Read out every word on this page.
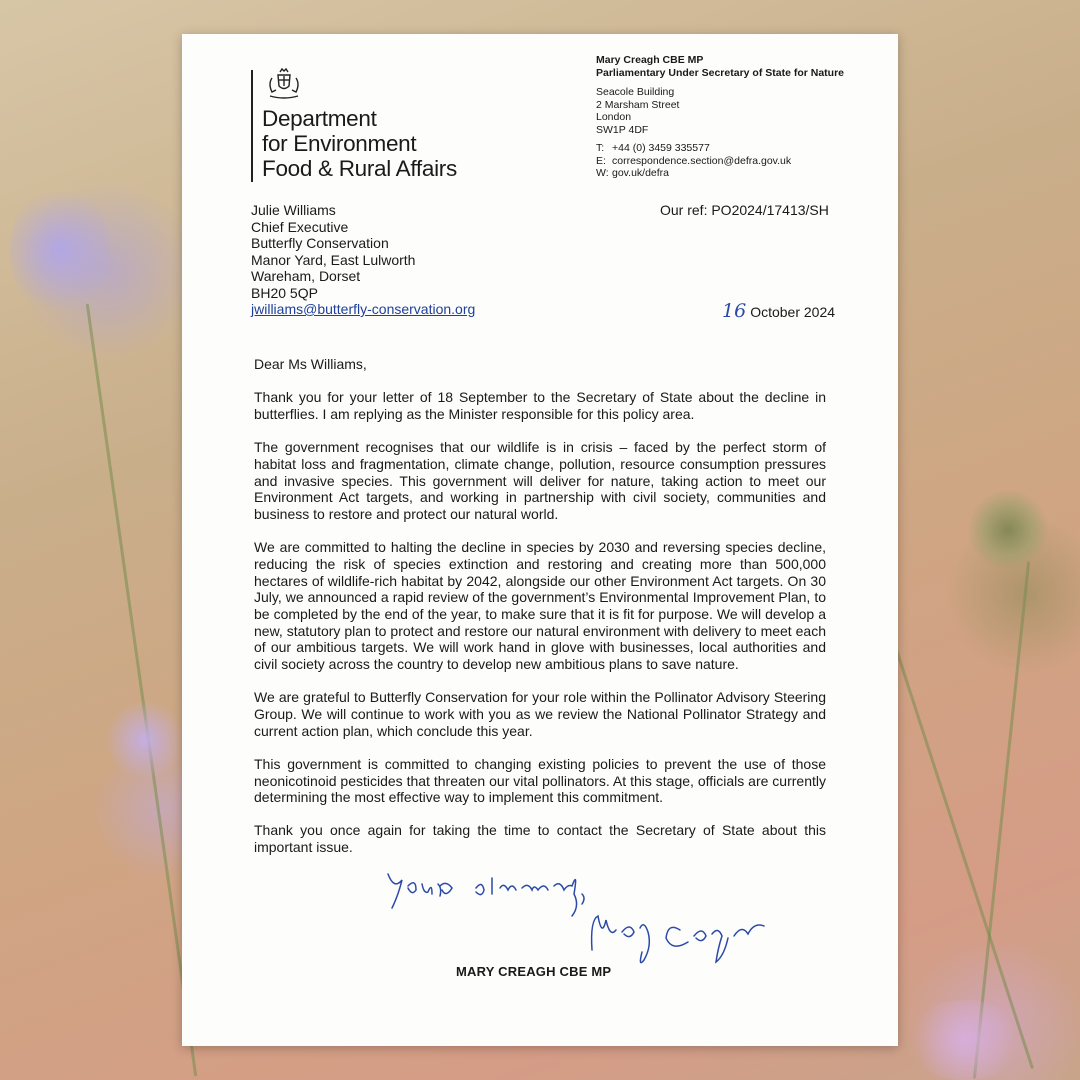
Department
for Environment
Food & Rural Affairs
Mary Creagh CBE MP
Parliamentary Under Secretary of State for Nature
Seacole Building
2 Marsham Street
London
SW1P 4DF
T: +44 (0) 3459 335577
E: correspondence.section@defra.gov.uk
W: gov.uk/defra
Our ref: PO2024/17413/SH
Julie Williams
Chief Executive
Butterfly Conservation
Manor Yard, East Lulworth
Wareham, Dorset
BH20 5QP
jwilliams@butterfly-conservation.org	16 October 2024

Dear Ms Williams,

Thank you for your letter of 18 September to the Secretary of State about the decline in butterflies. I am replying as the Minister responsible for this policy area.

The government recognises that our wildlife is in crisis – faced by the perfect storm of habitat loss and fragmentation, climate change, pollution, resource consumption pressures and invasive species. This government will deliver for nature, taking action to meet our Environment Act targets, and working in partnership with civil society, communities and business to restore and protect our natural world.

We are committed to halting the decline in species by 2030 and reversing species decline, reducing the risk of species extinction and restoring and creating more than 500,000 hectares of wildlife-rich habitat by 2042, alongside our other Environment Act targets. On 30 July, we announced a rapid review of the government’s Environmental Improvement Plan, to be completed by the end of the year, to make sure that it is fit for purpose. We will develop a new, statutory plan to protect and restore our natural environment with delivery to meet each of our ambitious targets. We will work hand in glove with businesses, local authorities and civil society across the country to develop new ambitious plans to save nature.

We are grateful to Butterfly Conservation for your role within the Pollinator Advisory Steering Group. We will continue to work with you as we review the National Pollinator Strategy and current action plan, which conclude this year.

This government is committed to changing existing policies to prevent the use of those neonicotinoid pesticides that threaten our vital pollinators. At this stage, officials are currently determining the most effective way to implement this commitment.

Thank you once again for taking the time to contact the Secretary of State about this important issue.

MARY CREAGH CBE MP
